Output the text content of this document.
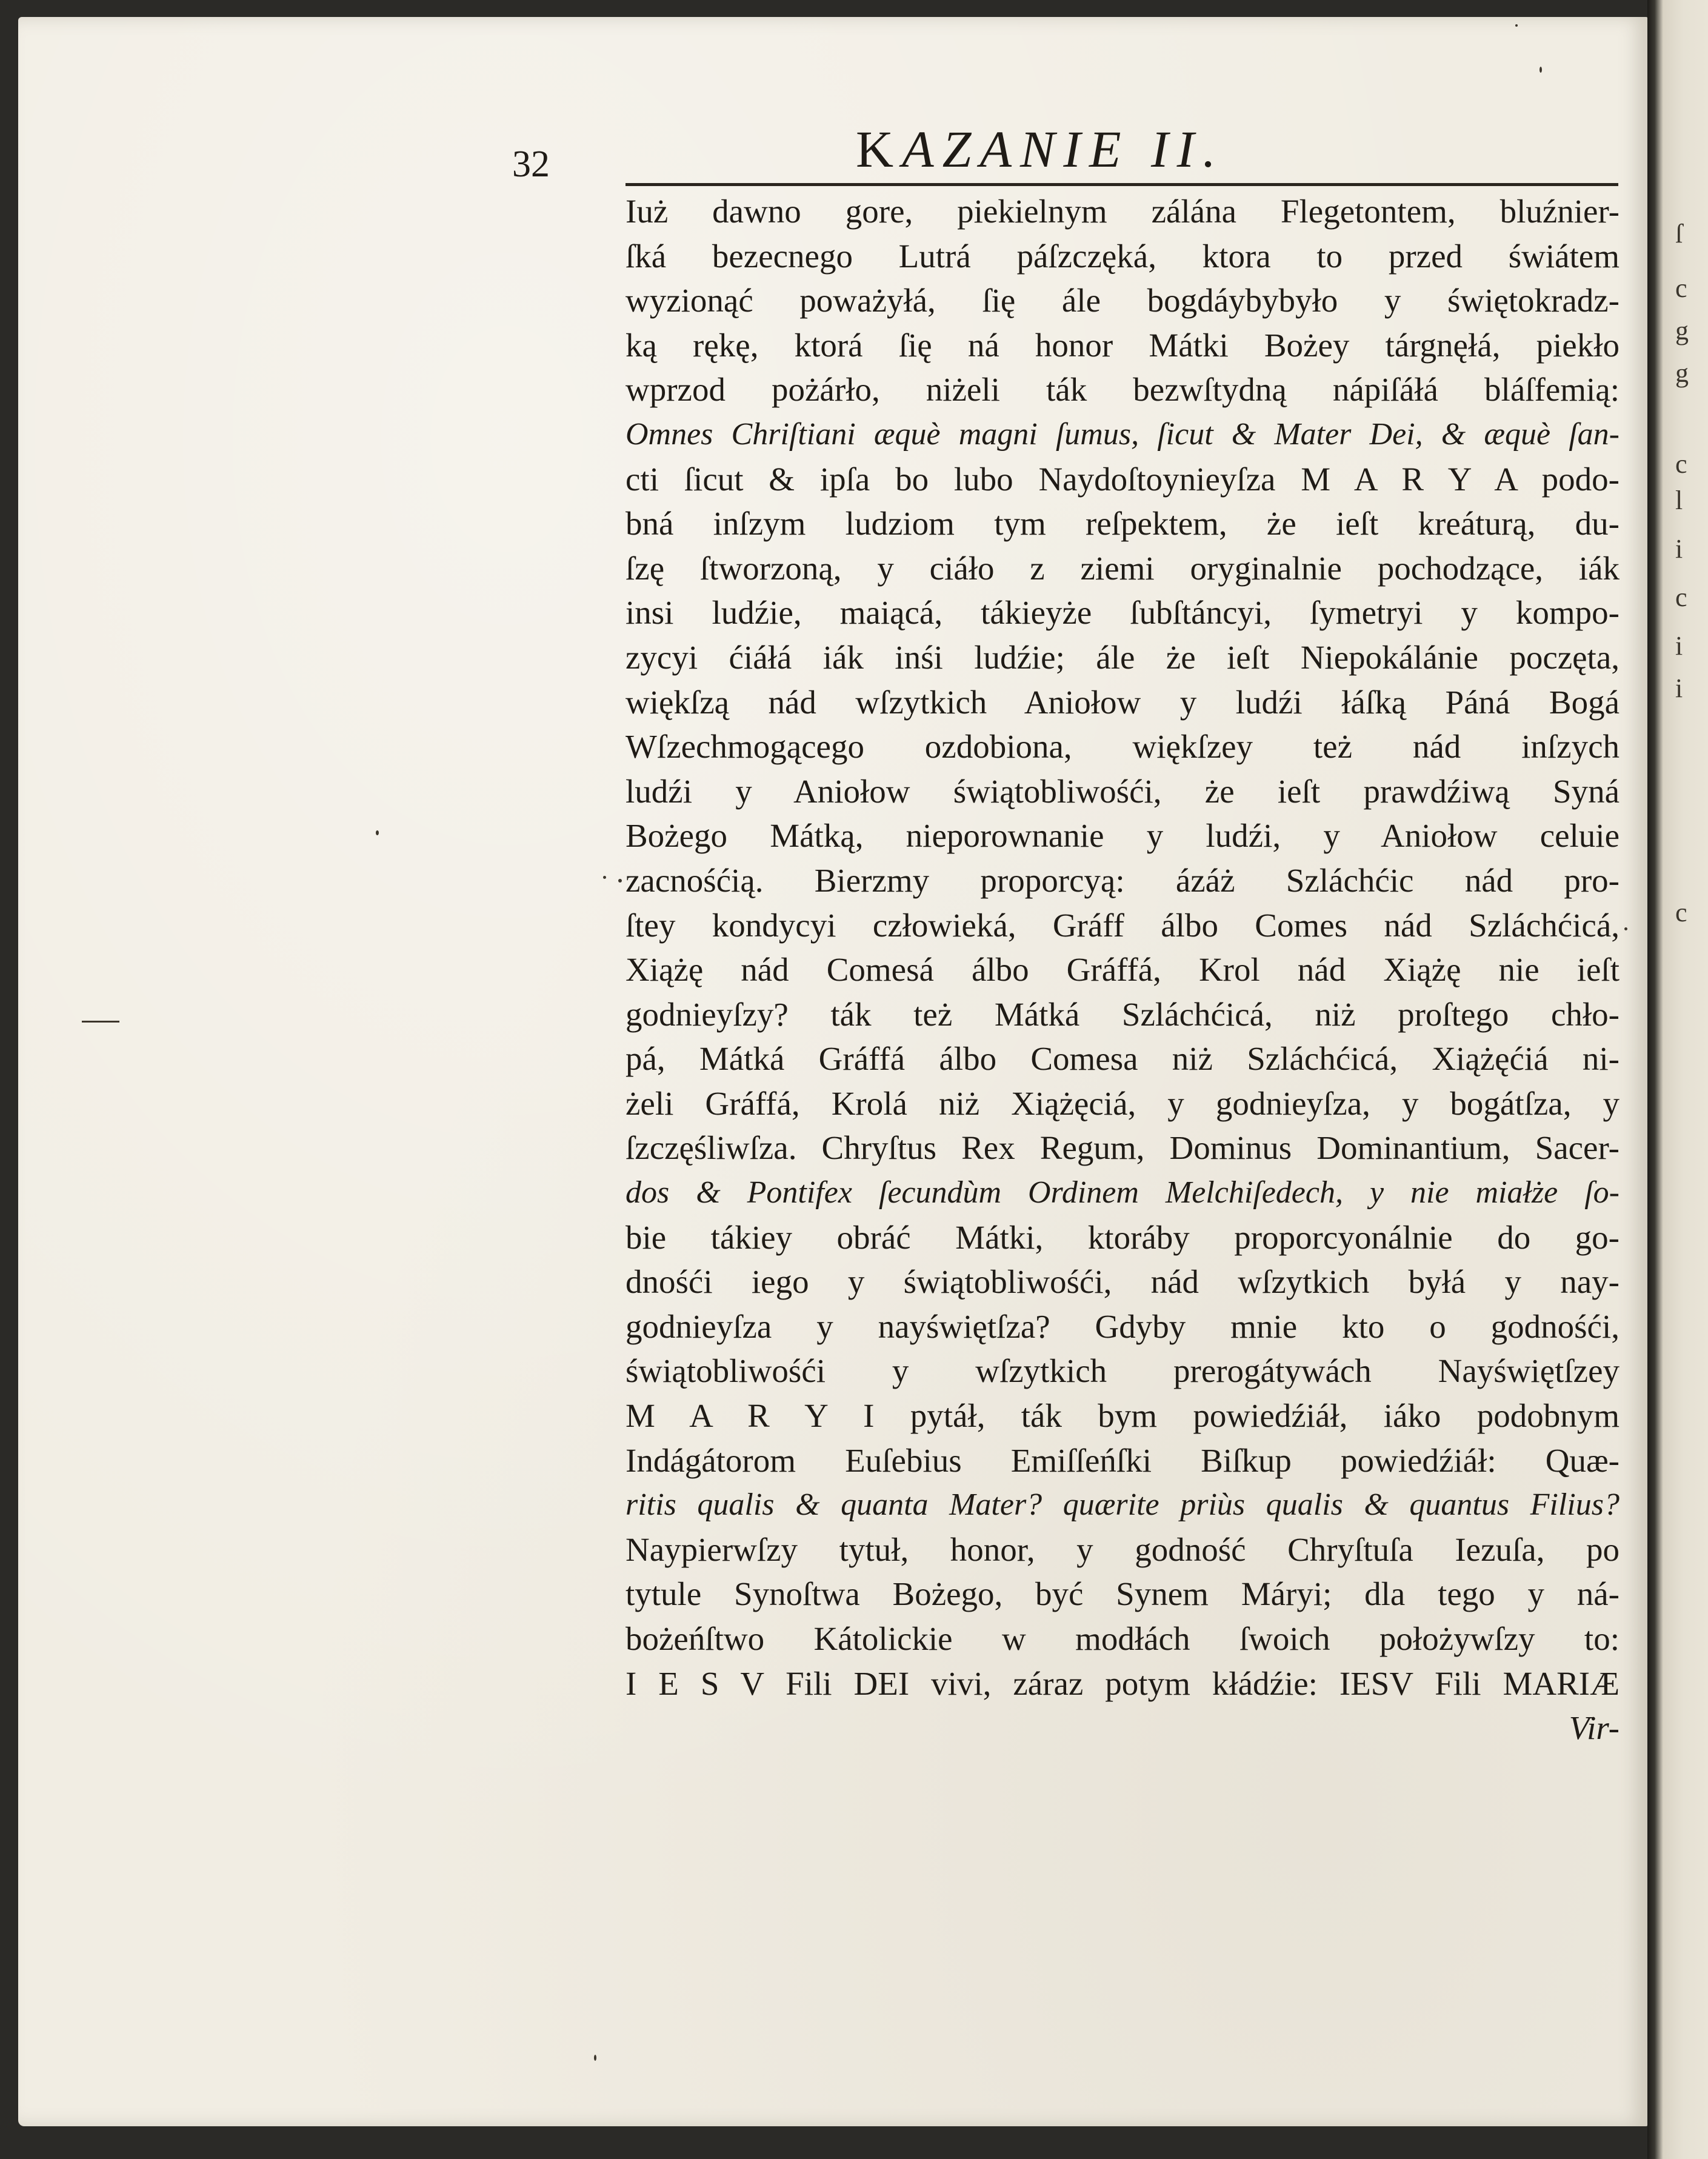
ſ
c
g
g
c
l
i
c
i
i
c
32	KAZANIE II.
Iuż dawno gore, piekielnym zálána Flegetontem, bluźnier-
ſká bezecnego Lutrá páſzczęká, ktora to przed świátem
wyzionąć poważyłá, ſię ále bogdáybybyło y świętokradz-
ką rękę, ktorá ſię ná honor Mátki Bożey tárgnęłá, piekło
wprzod pożárło, niżeli ták bezwſtydną nápiſáłá bláſfemią:
Omnes Chriſtiani æquè magni ſumus, ſicut & Mater Dei, & æquè ſan-
cti ſicut & ipſa bo lubo Naydoſtoynieyſza M A R Y A podo-
bná inſzym ludziom tym reſpektem, że ieſt kreáturą, du-
ſzę ſtworzoną, y ciáło z ziemi oryginalnie pochodzące, iák
insi ludźie, maiącá, tákieyże ſubſtáncyi, ſymetryi y kompo-
zycyi ćiáłá iák inśi ludźie; ále że ieſt Niepokálánie poczęta,
więkſzą nád wſzytkich Aniołow y ludźi łáſką Páná Bogá
Wſzechmogącego ozdobiona, więkſzey też nád inſzych
ludźi y Aniołow świątobliwośći, że ieſt prawdźiwą Syná
Bożego Mátką, nieporownanie y ludźi, y Aniołow celuie
zacnośćią. Bierzmy proporcyą: ázáż Szláchćic nád pro-
ſtey kondycyi człowieká, Gráff álbo Comes nád Szláchćicá,
Xiążę nád Comesá álbo Gráffá, Krol nád Xiążę nie ieſt
godnieyſzy? ták też Mátká Szláchćicá, niż proſtego chło-
pá, Mátká Gráffá álbo Comesa niż Szláchćicá, Xiążęćiá ni-
żeli Gráffá, Krolá niż Xiążęciá, y godnieyſza, y bogátſza, y
ſzczęśliwſza. Chryſtus Rex Regum, Dominus Dominantium, Sacer-
dos & Pontifex ſecundùm Ordinem Melchiſedech, y nie miałże ſo-
bie tákiey obráć Mátki, ktoráby proporcyonálnie do go-
dnośći iego y świątobliwośći, nád wſzytkich byłá y nay-
godnieyſza y nayświętſza? Gdyby mnie kto o godnośći,
świątobliwośći y wſzytkich prerogátywách Nayświętſzey
M A R Y I pytáł, ták bym powiedźiáł, iáko podobnym
Indágátorom Euſebius Emiſſeńſki Biſkup powiedźiáł: Quæ-
ritis qualis & quanta Mater? quærite priùs qualis & quantus Filius?
Naypierwſzy tytuł, honor, y godność Chryſtuſa Iezuſa, po
tytule Synoſtwa Bożego, być Synem Máryi; dla tego y ná-
bożeńſtwo Kátolickie w modłách ſwoich położywſzy to:
I E S V Fili DEI vivi, záraz potym kłádźie: IESV Fili MARIÆ
Vir-
